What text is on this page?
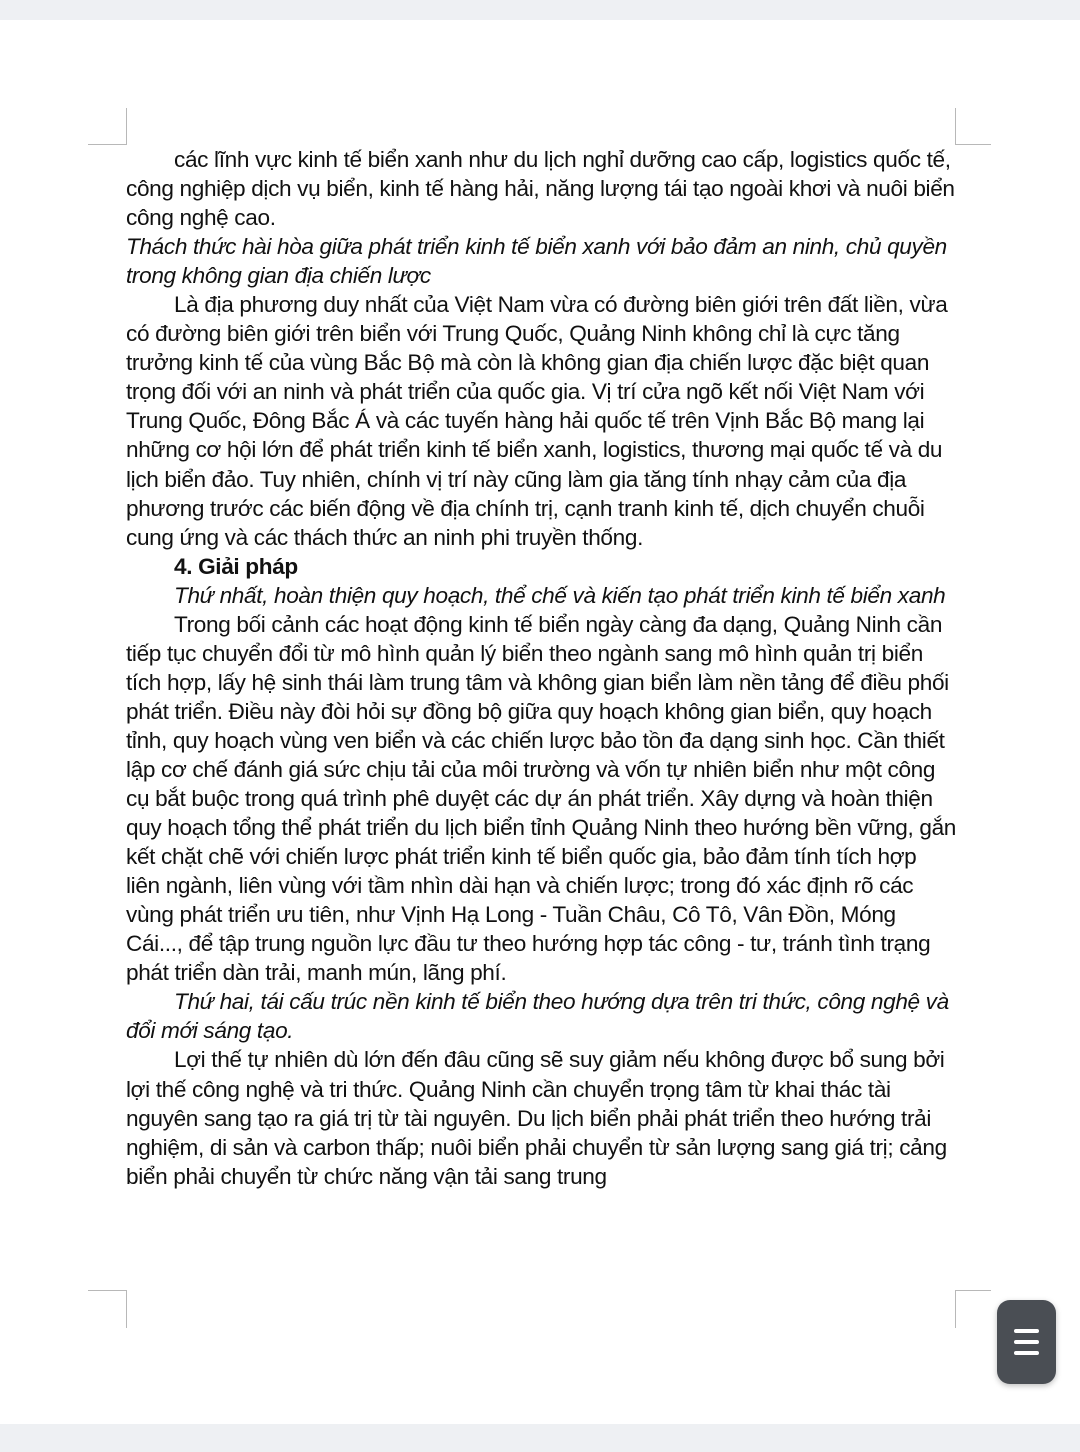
các lĩnh vực kinh tế biển xanh như du lịch nghỉ dưỡng cao cấp, logistics quốc tế, công nghiệp dịch vụ biển, kinh tế hàng hải, năng lượng tái tạo ngoài khơi và nuôi biển công nghệ cao.

Thách thức hài hòa giữa phát triển kinh tế biển xanh với bảo đảm an ninh, chủ quyền trong không gian địa chiến lược

Là địa phương duy nhất của Việt Nam vừa có đường biên giới trên đất liền, vừa có đường biên giới trên biển với Trung Quốc, Quảng Ninh không chỉ là cực tăng trưởng kinh tế của vùng Bắc Bộ mà còn là không gian địa chiến lược đặc biệt quan trọng đối với an ninh và phát triển của quốc gia. Vị trí cửa ngõ kết nối Việt Nam với Trung Quốc, Đông Bắc Á và các tuyến hàng hải quốc tế trên Vịnh Bắc Bộ mang lại những cơ hội lớn để phát triển kinh tế biển xanh, logistics, thương mại quốc tế và du lịch biển đảo. Tuy nhiên, chính vị trí này cũng làm gia tăng tính nhạy cảm của địa phương trước các biến động về địa chính trị, cạnh tranh kinh tế, dịch chuyển chuỗi cung ứng và các thách thức an ninh phi truyền thống.

4. Giải pháp

Thứ nhất, hoàn thiện quy hoạch, thể chế và kiến tạo phát triển kinh tế biển xanh

Trong bối cảnh các hoạt động kinh tế biển ngày càng đa dạng, Quảng Ninh cần tiếp tục chuyển đổi từ mô hình quản lý biển theo ngành sang mô hình quản trị biển tích hợp, lấy hệ sinh thái làm trung tâm và không gian biển làm nền tảng để điều phối phát triển. Điều này đòi hỏi sự đồng bộ giữa quy hoạch không gian biển, quy hoạch tỉnh, quy hoạch vùng ven biển và các chiến lược bảo tồn đa dạng sinh học. Cần thiết lập cơ chế đánh giá sức chịu tải của môi trường và vốn tự nhiên biển như một công cụ bắt buộc trong quá trình phê duyệt các dự án phát triển. Xây dựng và hoàn thiện quy hoạch tổng thể phát triển du lịch biển tỉnh Quảng Ninh theo hướng bền vững, gắn kết chặt chẽ với chiến lược phát triển kinh tế biển quốc gia, bảo đảm tính tích hợp liên ngành, liên vùng với tầm nhìn dài hạn và chiến lược; trong đó xác định rõ các vùng phát triển ưu tiên, như Vịnh Hạ Long - Tuần Châu, Cô Tô, Vân Đồn, Móng Cái..., để tập trung nguồn lực đầu tư theo hướng hợp tác công - tư, tránh tình trạng phát triển dàn trải, manh mún, lãng phí.

Thứ hai, tái cấu trúc nền kinh tế biển theo hướng dựa trên tri thức, công nghệ và đổi mới sáng tạo.

Lợi thế tự nhiên dù lớn đến đâu cũng sẽ suy giảm nếu không được bổ sung bởi lợi thế công nghệ và tri thức. Quảng Ninh cần chuyển trọng tâm từ khai thác tài nguyên sang tạo ra giá trị từ tài nguyên. Du lịch biển phải phát triển theo hướng trải nghiệm, di sản và carbon thấp; nuôi biển phải chuyển từ sản lượng sang giá trị; cảng biển phải chuyển từ chức năng vận tải sang trung
